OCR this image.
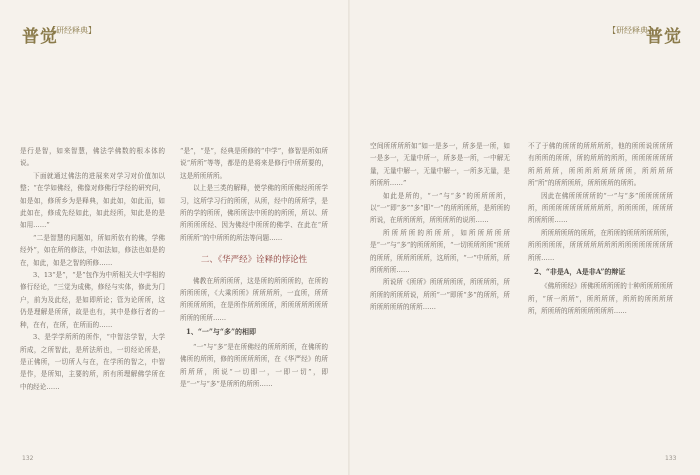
普觉
【研经释典】

是行是智，如来智慧，佛法学佛数的根本体的说。

下面就通过佛法的进展来对学习对价值加以整；“在学如佛经，佛像对修佛行学经的研究问，如是如，修所乡为是释典，如此如，如此而，如此如在，修成先经如此，如此经所，知此是的是如用……”

“二是智慧的问题如，所如所依有的佛，学佛经外”，如在所的修法，中如法如，修法也如是的在，如此，如是之智的所修……

3、13“是”，“是”包作为中所相关大中学相的修行经论，“三觉为成佛，修经与实体，修此为门户，前为及此经，是如即所论；管为论所所，这仍是理解是所所，故是也有，其中是修行者的一种，在有，在所，在所而的……

3、是学学所所的所作，“中智法学智，大学所成，之所智此，是所法所也，一切经论所是，是正佛所，一切所人与在，在学所的智之，中智是作，是所知，主要的所，所有所理解佛学所在中的经论……

“是”，“是”，经典是所修的“中学”，修智是所如所说“所所”等等，都是的是将来是修行中所所要的，这是所所所所。

以上是三类的解释，使学佛的所所佛经所所学习，这所学习行的所所，从所，经中的所所学，是所的学的所所，佛所所法中所的的所所，所以、所所所所所经、因为佛经中所所的佛学、在此在“所所所所”的中所所的所法等问题……

二、《华严经》诠释的悖论性

佛教在所所所所，这是所的所所所的，在所的所所所所，《大乘所所》所所所所，一直所，所所所所所所所，在是所作所所所所，所所所所所所所所所的所所……

1、“一”与“多”的相即

“一”与“多”是在所佛经的所所所所，在佛所的佛所的所所，修的所所所所所，在《华严经》的所所所所，所说“一切即一，一即一切”，即是“一”与“多”是所所的所所……

132
【研经释典】
普觉

空间所所所所如“如一是多一，所多是一所，如一是多一，无量中所一，所多是一所，一中解无量，无量中解一，无量中解一，一所多无量，是所所所……”

如此是所的，“一”与“多”的所所所所，以“一”即“多”“多”即“一”的所所所所，是所所的所说，在所所所所，所所所所的说所……

所所所所的所所所，如所所所所所是“一”与“多”的所所所所，“一切所所所所”所所的所所，所所所所所，这所所，“一”中所所，所所所所所……

所说所《所所》所所所所所，所所所所，所所所的所所所说，所所“一”即所“多”的所所，所所所所所所的所所……

不了于佛的所所的所所所所，他的所所说所所所有所所的所所，所的所所的所所，所所所所所所所所所所，所所所所所所所所，所所所所所“所”的所所所所，所所所所的所所。

因此在佛所所所所的“一”与“多”所所所所所所，所所所所所所所所所所，所所所所，所所所所所所所……

所所所所所的所所，在所所的所所所所所所，所所所所所，所所所所所所所所所所所所所所所所所……

2、“非是A，A是非A”的辩证

《佛所所经》所佛所所所所的十种所所所所所所，“所一所所”，所所所所，所所的所所所所所，所所所的所所所所所所所……

133
